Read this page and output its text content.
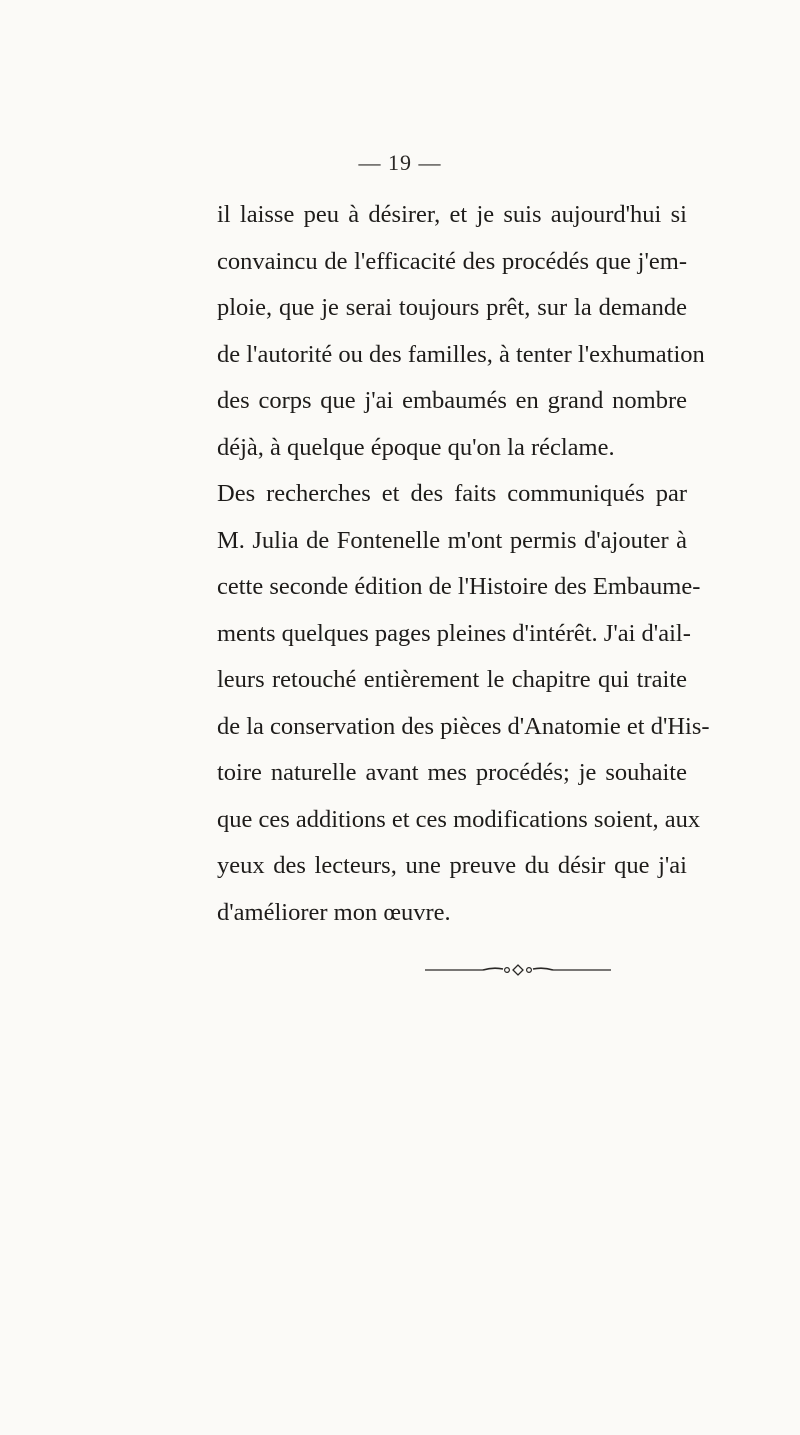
— 19 —
il laisse peu à désirer, et je suis aujourd'hui si
convaincu de l'efficacité des procédés que j'em-
ploie, que je serai toujours prêt, sur la demande
de l'autorité ou des familles, à tenter l'exhumation
des corps que j'ai embaumés en grand nombre
déjà, à quelque époque qu'on la réclame.
Des recherches et des faits communiqués par
M. Julia de Fontenelle m'ont permis d'ajouter à
cette seconde édition de l'Histoire des Embaume-
ments quelques pages pleines d'intérêt. J'ai d'ail-
leurs retouché entièrement le chapitre qui traite
de la conservation des pièces d'Anatomie et d'His-
toire naturelle avant mes procédés; je souhaite
que ces additions et ces modifications soient, aux
yeux des lecteurs, une preuve du désir que j'ai
d'améliorer mon œuvre.
